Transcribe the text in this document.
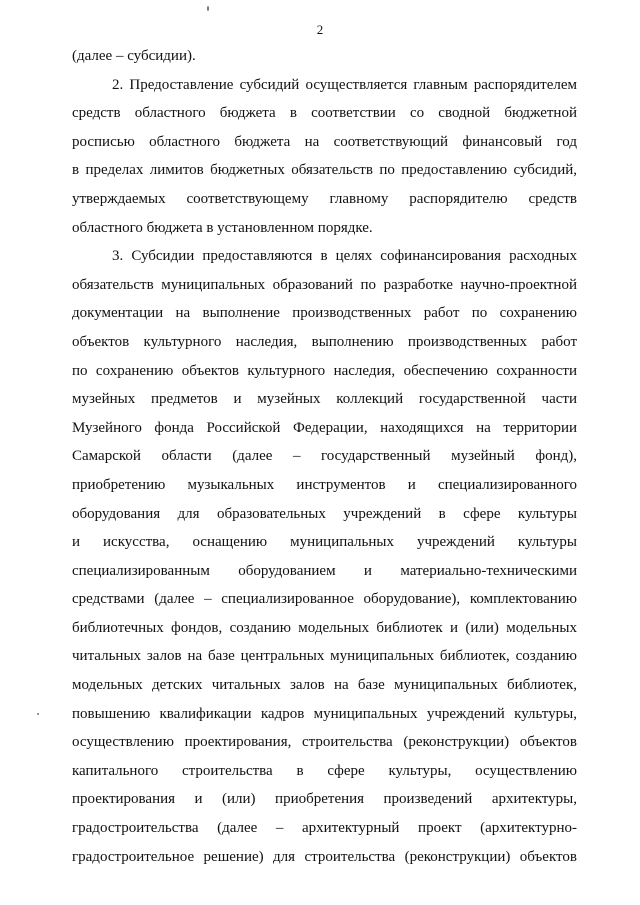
2
(далее – субсидии).
2. Предоставление субсидий осуществляется главным распорядителем
средств областного бюджета в соответствии со сводной бюджетной
росписью областного бюджета на соответствующий финансовый год
в пределах лимитов бюджетных обязательств по предоставлению субсидий,
утверждаемых соответствующему главному распорядителю средств
областного бюджета в установленном порядке.
3. Субсидии предоставляются в целях софинансирования расходных
обязательств муниципальных образований по разработке научно-проектной
документации на выполнение производственных работ по сохранению
объектов культурного наследия, выполнению производственных работ
по сохранению объектов культурного наследия, обеспечению сохранности
музейных предметов и музейных коллекций государственной части
Музейного фонда Российской Федерации, находящихся на территории
Самарской области (далее – государственный музейный фонд),
приобретению музыкальных инструментов и специализированного
оборудования для образовательных учреждений в сфере культуры
и искусства, оснащению муниципальных учреждений культуры
специализированным оборудованием и материально-техническими
средствами (далее – специализированное оборудование), комплектованию
библиотечных фондов, созданию модельных библиотек и (или) модельных
читальных залов на базе центральных муниципальных библиотек, созданию
модельных детских читальных залов на базе муниципальных библиотек,
повышению квалификации кадров муниципальных учреждений культуры,
осуществлению проектирования, строительства (реконструкции) объектов
капитального строительства в сфере культуры, осуществлению
проектирования и (или) приобретения произведений архитектуры,
градостроительства (далее – архитектурный проект (архитектурно-
градостроительное решение) для строительства (реконструкции) объектов
